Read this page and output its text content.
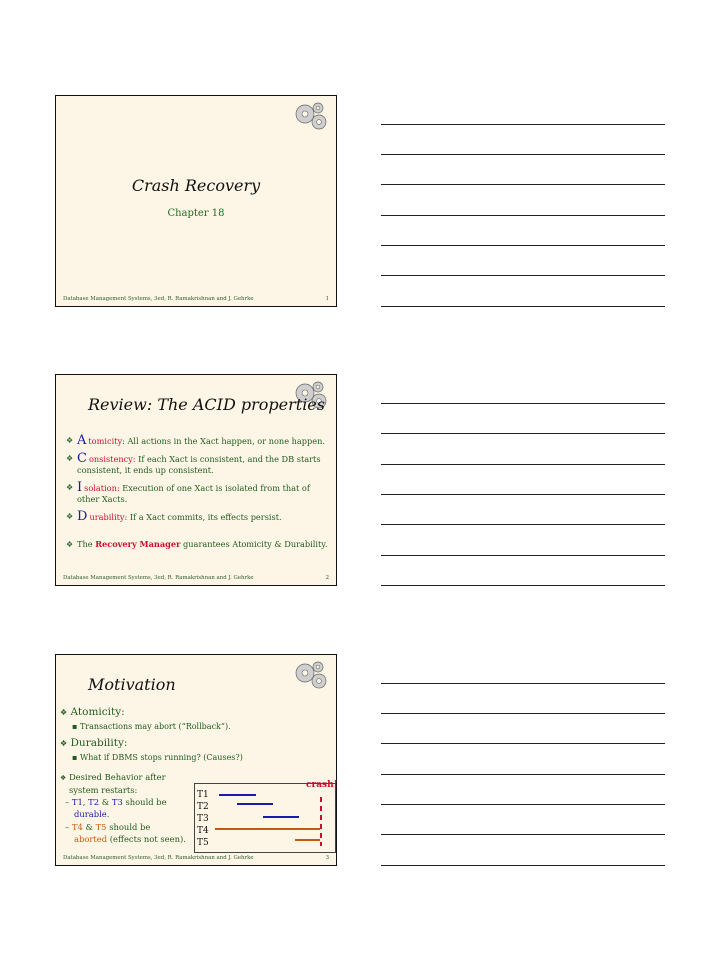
Crash Recovery
Chapter 18
Database Management Systems, 3ed, R. Ramakrishnan and J. Gehrke	1
Review: The ACID properties
❖ Atomicity: All actions in the Xact happen, or none happen.
❖ Consistency: If each Xact is consistent, and the DB starts consistent, it ends up consistent.
❖ Isolation: Execution of one Xact is isolated from that of other Xacts.
❖ Durability: If a Xact commits, its effects persist.
❖ The Recovery Manager guarantees Atomicity & Durability.
Database Management Systems, 3ed, R. Ramakrishnan and J. Gehrke	2
Motivation
❖ Atomicity:
▪ Transactions may abort (“Rollback”).
❖ Durability:
▪ What if DBMS stops running? (Causes?)
❖ Desired Behavior after
system restarts:
– T1, T2 & T3 should be
durable.
– T4 & T5 should be
aborted (effects not seen).
T1
T2
T3
T4
T5
crash!
Database Management Systems, 3ed, R. Ramakrishnan and J. Gehrke	3
